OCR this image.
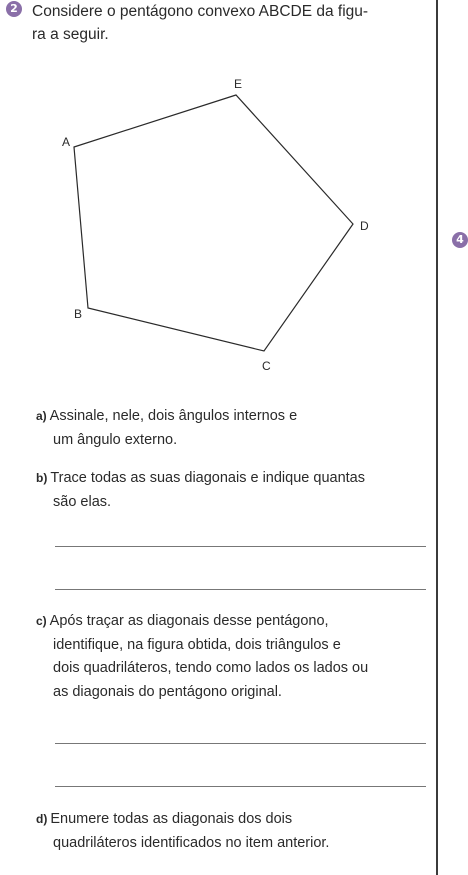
2
4

Considere o pentágono convexo ABCDE da figu-
ra a seguir.

A
E
D
C
B

a) Assinale, nele, dois ângulos internos e
um ângulo externo.

b) Trace todas as suas diagonais e indique quantas
são elas.

c) Após traçar as diagonais desse pentágono,
identifique, na figura obtida, dois triângulos e
dois quadriláteros, tendo como lados os lados ou
as diagonais do pentágono original.

d) Enumere todas as diagonais dos dois
quadriláteros identificados no item anterior.
